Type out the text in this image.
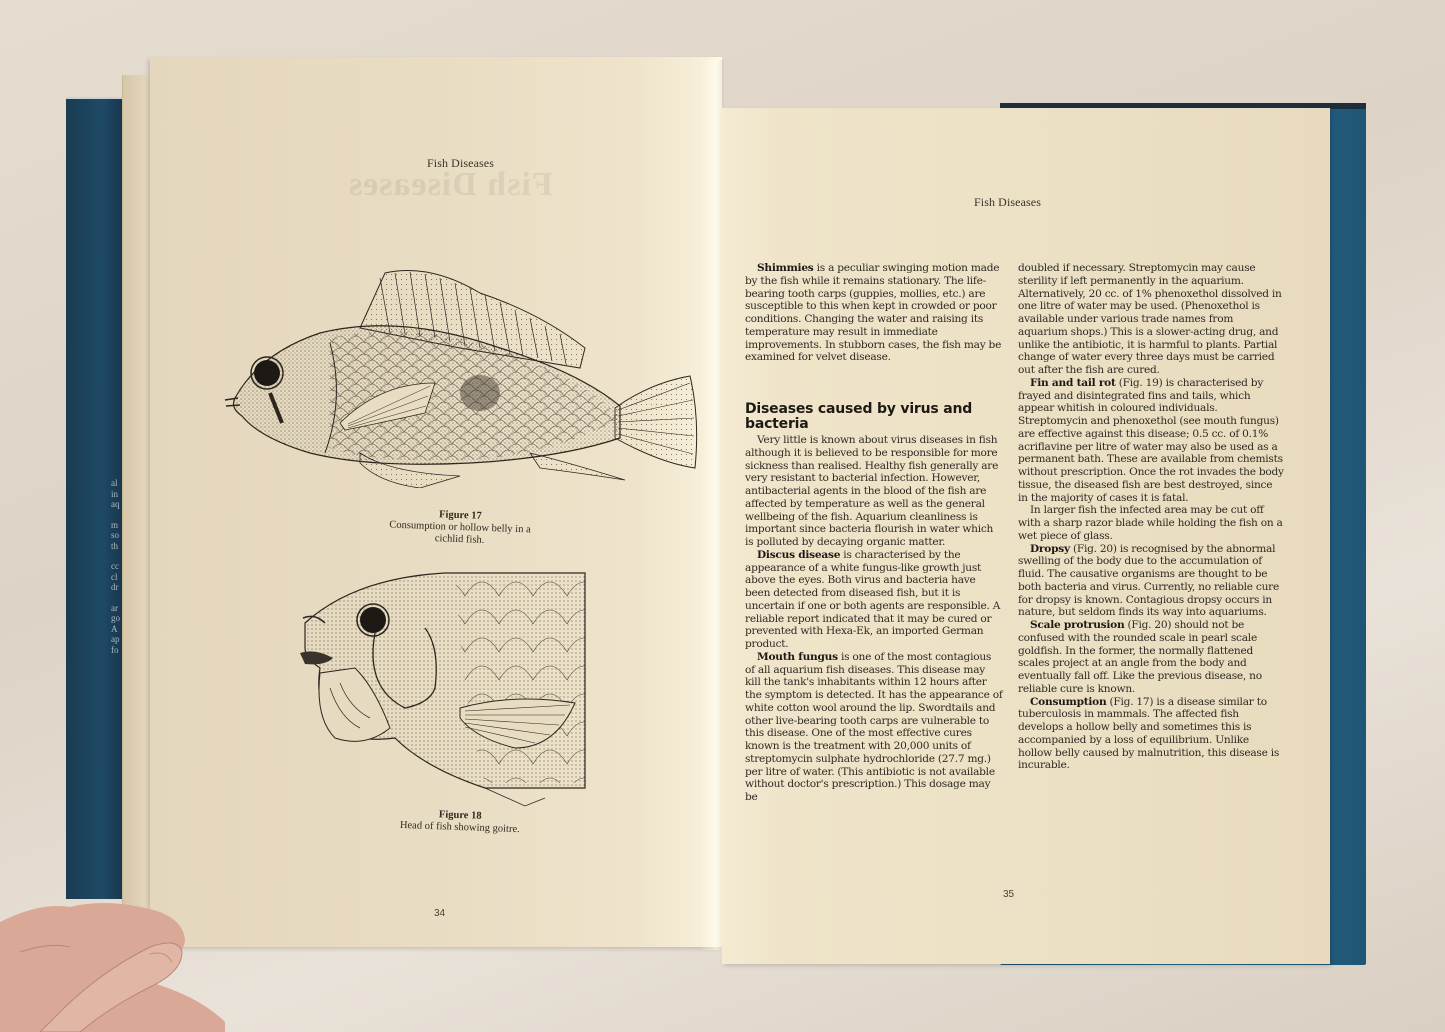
al
in
aq
m
so
th
cc
cl
dr
ar
go
A
ap
fo
Fish Diseases
Fish Diseases
Figure 17
Consumption or hollow belly in a
cichlid fish.
Figure 18
Head of fish showing goitre.
34
Fish Diseases

Shimmies is a peculiar swinging motion made by the fish while it remains stationary. The life-bearing tooth carps (guppies, mollies, etc.) are susceptible to this when kept in crowded or poor conditions. Changing the water and raising its temperature may result in immediate improvements. In stubborn cases, the fish may be examined for velvet disease.

Diseases caused by virus and bacteria

Very little is known about virus diseases in fish although it is believed to be responsible for more sickness than realised. Healthy fish generally are very resistant to bacterial infection. However, antibacterial agents in the blood of the fish are affected by temperature as well as the general wellbeing of the fish. Aquarium cleanliness is important since bacteria flourish in water which is polluted by decaying organic matter.

Discus disease is characterised by the appearance of a white fungus-like growth just above the eyes. Both virus and bacteria have been detected from diseased fish, but it is uncertain if one or both agents are responsible. A reliable report indicated that it may be cured or prevented with Hexa-Ek, an imported German product.

Mouth fungus is one of the most contagious of all aquarium fish diseases. This disease may kill the tank's inhabitants within 12 hours after the symptom is detected. It has the appearance of white cotton wool around the lip. Swordtails and other live-bearing tooth carps are vulnerable to this disease. One of the most effective cures known is the treatment with 20,000 units of streptomycin sulphate hydrochloride (27.7 mg.) per litre of water. (This antibiotic is not available without doctor's prescription.) This dosage may be

doubled if necessary. Streptomycin may cause sterility if left permanently in the aquarium. Alternatively, 20 cc. of 1% phenoxethol dissolved in one litre of water may be used. (Phenoxethol is available under various trade names from aquarium shops.) This is a slower-acting drug, and unlike the antibiotic, it is harmful to plants. Partial change of water every three days must be carried out after the fish are cured.

Fin and tail rot (Fig. 19) is characterised by frayed and disintegrated fins and tails, which appear whitish in coloured individuals. Streptomycin and phenoxethol (see mouth fungus) are effective against this disease; 0.5 cc. of 0.1% acriflavine per litre of water may also be used as a permanent bath. These are available from chemists without prescription. Once the rot invades the body tissue, the diseased fish are best destroyed, since in the majority of cases it is fatal.

In larger fish the infected area may be cut off with a sharp razor blade while holding the fish on a wet piece of glass.

Dropsy (Fig. 20) is recognised by the abnormal swelling of the body due to the accumulation of fluid. The causative organisms are thought to be both bacteria and virus. Currently, no reliable cure for dropsy is known. Contagious dropsy occurs in nature, but seldom finds its way into aquariums.

Scale protrusion (Fig. 20) should not be confused with the rounded scale in pearl scale goldfish. In the former, the normally flattened scales project at an angle from the body and eventually fall off. Like the previous disease, no reliable cure is known.

Consumption (Fig. 17) is a disease similar to tuberculosis in mammals. The affected fish develops a hollow belly and sometimes this is accompanied by a loss of equilibrium. Unlike hollow belly caused by malnutrition, this disease is incurable.

35
